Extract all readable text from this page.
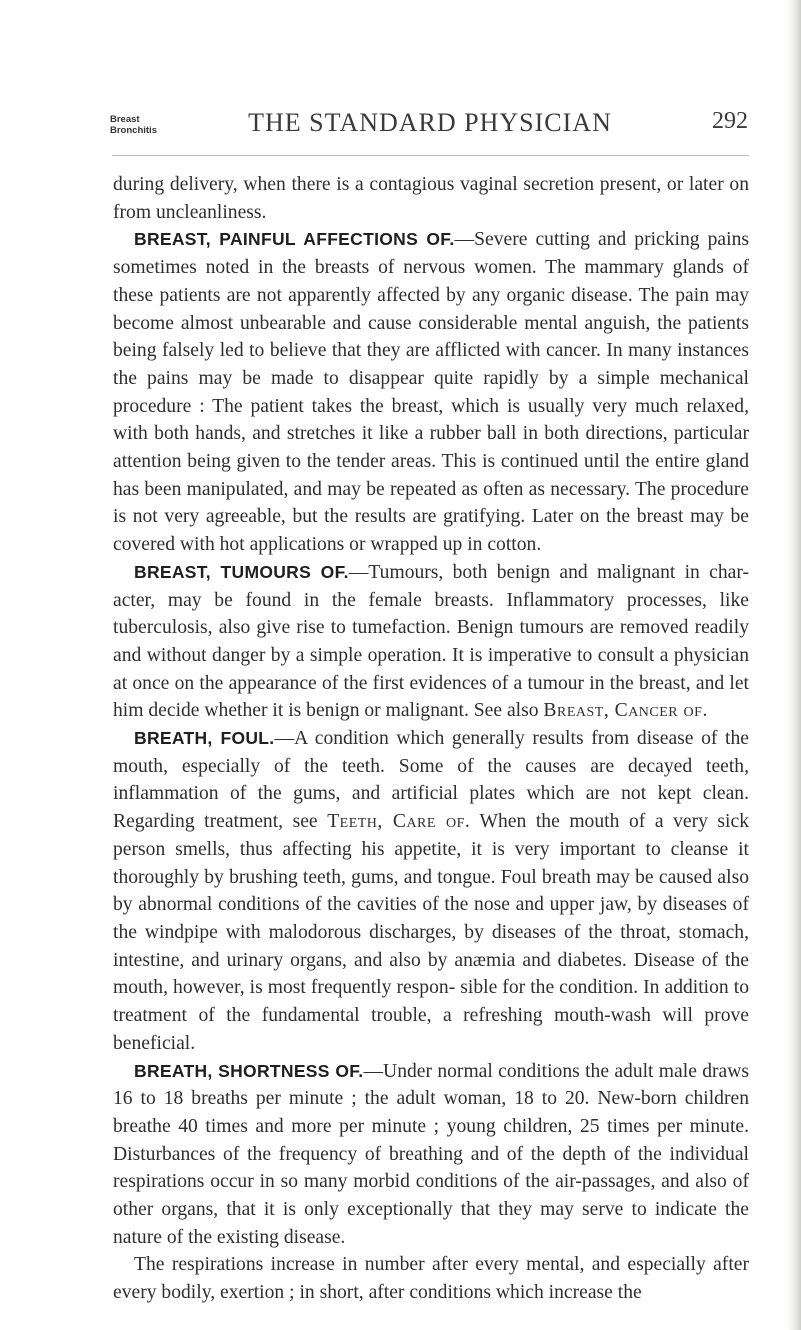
Breast
Bronchitis	THE STANDARD PHYSICIAN	292

during delivery, when there is a contagious vaginal secretion present, or later on from uncleanliness.

BREAST, PAINFUL AFFECTIONS OF.—Severe cutting and pricking pains sometimes noted in the breasts of nervous women. The mammary glands of these patients are not apparently affected by any organic disease. The pain may become almost unbearable and cause considerable mental anguish, the patients being falsely led to believe that they are afflicted with cancer. In many instances the pains may be made to disappear quite rapidly by a simple mechanical procedure : The patient takes the breast, which is usually very much relaxed, with both hands, and stretches it like a rubber ball in both directions, particular attention being given to the tender areas. This is continued until the entire gland has been manipulated, and may be repeated as often as necessary. The procedure is not very agreeable, but the results are gratifying. Later on the breast may be covered with hot applications or wrapped up in cotton.

BREAST, TUMOURS OF.—Tumours, both benign and malignant in char- acter, may be found in the female breasts. Inflammatory processes, like tuberculosis, also give rise to tumefaction. Benign tumours are removed readily and without danger by a simple operation. It is imperative to consult a physician at once on the appearance of the first evidences of a tumour in the breast, and let him decide whether it is benign or malignant. See also Breast, Cancer of.

BREATH, FOUL.—A condition which generally results from disease of the mouth, especially of the teeth. Some of the causes are decayed teeth, inflammation of the gums, and artificial plates which are not kept clean. Regarding treatment, see Teeth, Care of. When the mouth of a very sick person smells, thus affecting his appetite, it is very important to cleanse it thoroughly by brushing teeth, gums, and tongue. Foul breath may be caused also by abnormal conditions of the cavities of the nose and upper jaw, by diseases of the windpipe with malodorous discharges, by diseases of the throat, stomach, intestine, and urinary organs, and also by anæmia and diabetes. Disease of the mouth, however, is most frequently respon- sible for the condition. In addition to treatment of the fundamental trouble, a refreshing mouth-wash will prove beneficial.

BREATH, SHORTNESS OF.—Under normal conditions the adult male draws 16 to 18 breaths per minute ; the adult woman, 18 to 20. New-born children breathe 40 times and more per minute ; young children, 25 times per minute. Disturbances of the frequency of breathing and of the depth of the individual respirations occur in so many morbid conditions of the air-passages, and also of other organs, that it is only exceptionally that they may serve to indicate the nature of the existing disease.

The respirations increase in number after every mental, and especially after every bodily, exertion ; in short, after conditions which increase the
